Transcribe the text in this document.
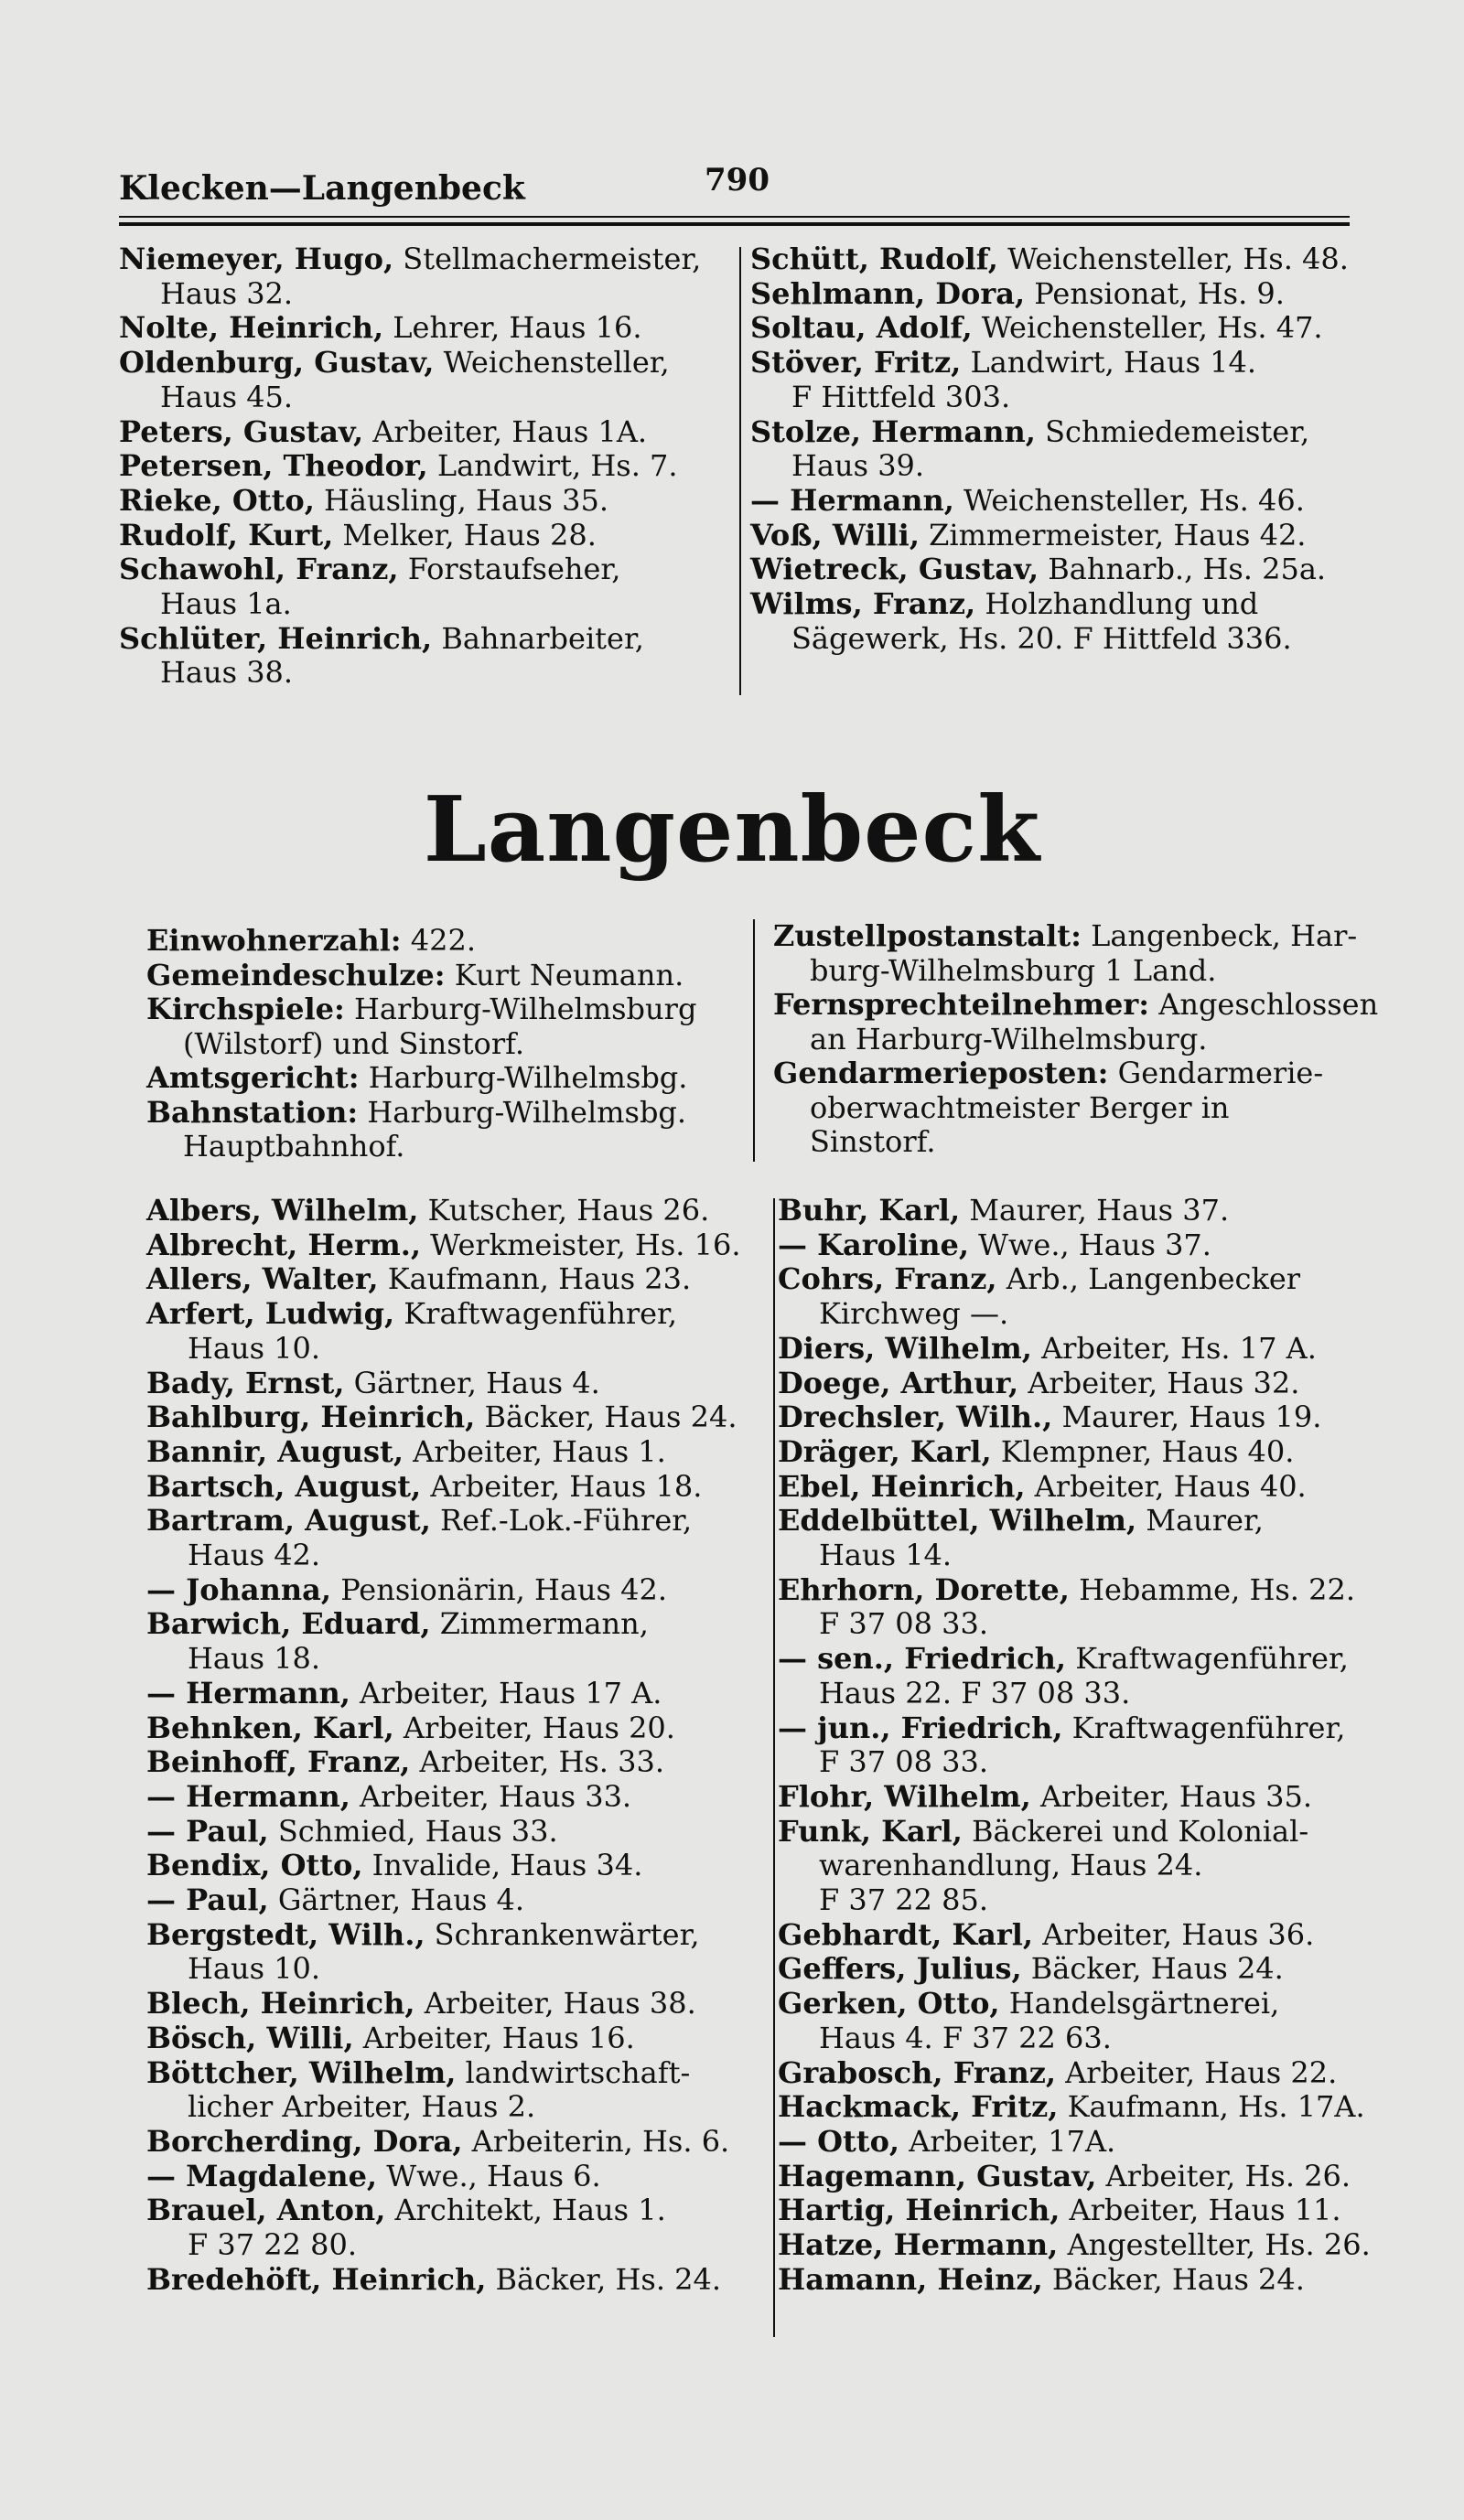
Klecken—Langenbeck	790

Niemeyer, Hugo, Stellmachermeister,

Haus 32.

Nolte, Heinrich, Lehrer, Haus 16.

Oldenburg, Gustav, Weichensteller,

Haus 45.

Peters, Gustav, Arbeiter, Haus 1A.

Petersen, Theodor, Landwirt, Hs. 7.

Rieke, Otto, Häusling, Haus 35.

Rudolf, Kurt, Melker, Haus 28.

Schawohl, Franz, Forstaufseher,

Haus 1a.

Schlüter, Heinrich, Bahnarbeiter,

Haus 38.

Schütt, Rudolf, Weichensteller, Hs. 48.

Sehlmann, Dora, Pensionat, Hs. 9.

Soltau, Adolf, Weichensteller, Hs. 47.

Stöver, Fritz, Landwirt, Haus 14.

F Hittfeld 303.

Stolze, Hermann, Schmiedemeister,

Haus 39.

— Hermann, Weichensteller, Hs. 46.

Voß, Willi, Zimmermeister, Haus 42.

Wietreck, Gustav, Bahnarb., Hs. 25a.

Wilms, Franz, Holzhandlung und

Sägewerk, Hs. 20. F Hittfeld 336.

Langenbeck

Einwohnerzahl: 422.

Gemeindeschulze: Kurt Neumann.

Kirchspiele: Harburg-Wilhelmsburg

(Wilstorf) und Sinstorf.

Amtsgericht: Harburg-Wilhelmsbg.

Bahnstation: Harburg-Wilhelmsbg.

Hauptbahnhof.

Zustellpostanstalt: Langenbeck, Har-

burg-Wilhelmsburg 1 Land.

Fernsprechteilnehmer: Angeschlossen

an Harburg-Wilhelmsburg.

Gendarmerieposten: Gendarmerie-

oberwachtmeister Berger in

Sinstorf.

Albers, Wilhelm, Kutscher, Haus 26.

Albrecht, Herm., Werkmeister, Hs. 16.

Allers, Walter, Kaufmann, Haus 23.

Arfert, Ludwig, Kraftwagenführer,

Haus 10.

Bady, Ernst, Gärtner, Haus 4.

Bahlburg, Heinrich, Bäcker, Haus 24.

Bannir, August, Arbeiter, Haus 1.

Bartsch, August, Arbeiter, Haus 18.

Bartram, August, Ref.-Lok.-Führer,

Haus 42.

— Johanna, Pensionärin, Haus 42.

Barwich, Eduard, Zimmermann,

Haus 18.

— Hermann, Arbeiter, Haus 17 A.

Behnken, Karl, Arbeiter, Haus 20.

Beinhoff, Franz, Arbeiter, Hs. 33.

— Hermann, Arbeiter, Haus 33.

— Paul, Schmied, Haus 33.

Bendix, Otto, Invalide, Haus 34.

— Paul, Gärtner, Haus 4.

Bergstedt, Wilh., Schrankenwärter,

Haus 10.

Blech, Heinrich, Arbeiter, Haus 38.

Bösch, Willi, Arbeiter, Haus 16.

Böttcher, Wilhelm, landwirtschaft-

licher Arbeiter, Haus 2.

Borcherding, Dora, Arbeiterin, Hs. 6.

— Magdalene, Wwe., Haus 6.

Brauel, Anton, Architekt, Haus 1.

F 37 22 80.

Bredehöft, Heinrich, Bäcker, Hs. 24.

Buhr, Karl, Maurer, Haus 37.

— Karoline, Wwe., Haus 37.

Cohrs, Franz, Arb., Langenbecker

Kirchweg —.

Diers, Wilhelm, Arbeiter, Hs. 17 A.

Doege, Arthur, Arbeiter, Haus 32.

Drechsler, Wilh., Maurer, Haus 19.

Dräger, Karl, Klempner, Haus 40.

Ebel, Heinrich, Arbeiter, Haus 40.

Eddelbüttel, Wilhelm, Maurer,

Haus 14.

Ehrhorn, Dorette, Hebamme, Hs. 22.

F 37 08 33.

— sen., Friedrich, Kraftwagenführer,

Haus 22. F 37 08 33.

— jun., Friedrich, Kraftwagenführer,

F 37 08 33.

Flohr, Wilhelm, Arbeiter, Haus 35.

Funk, Karl, Bäckerei und Kolonial-

warenhandlung, Haus 24.

F 37 22 85.

Gebhardt, Karl, Arbeiter, Haus 36.

Geffers, Julius, Bäcker, Haus 24.

Gerken, Otto, Handelsgärtnerei,

Haus 4. F 37 22 63.

Grabosch, Franz, Arbeiter, Haus 22.

Hackmack, Fritz, Kaufmann, Hs. 17A.

— Otto, Arbeiter, 17A.

Hagemann, Gustav, Arbeiter, Hs. 26.

Hartig, Heinrich, Arbeiter, Haus 11.

Hatze, Hermann, Angestellter, Hs. 26.

Hamann, Heinz, Bäcker, Haus 24.
